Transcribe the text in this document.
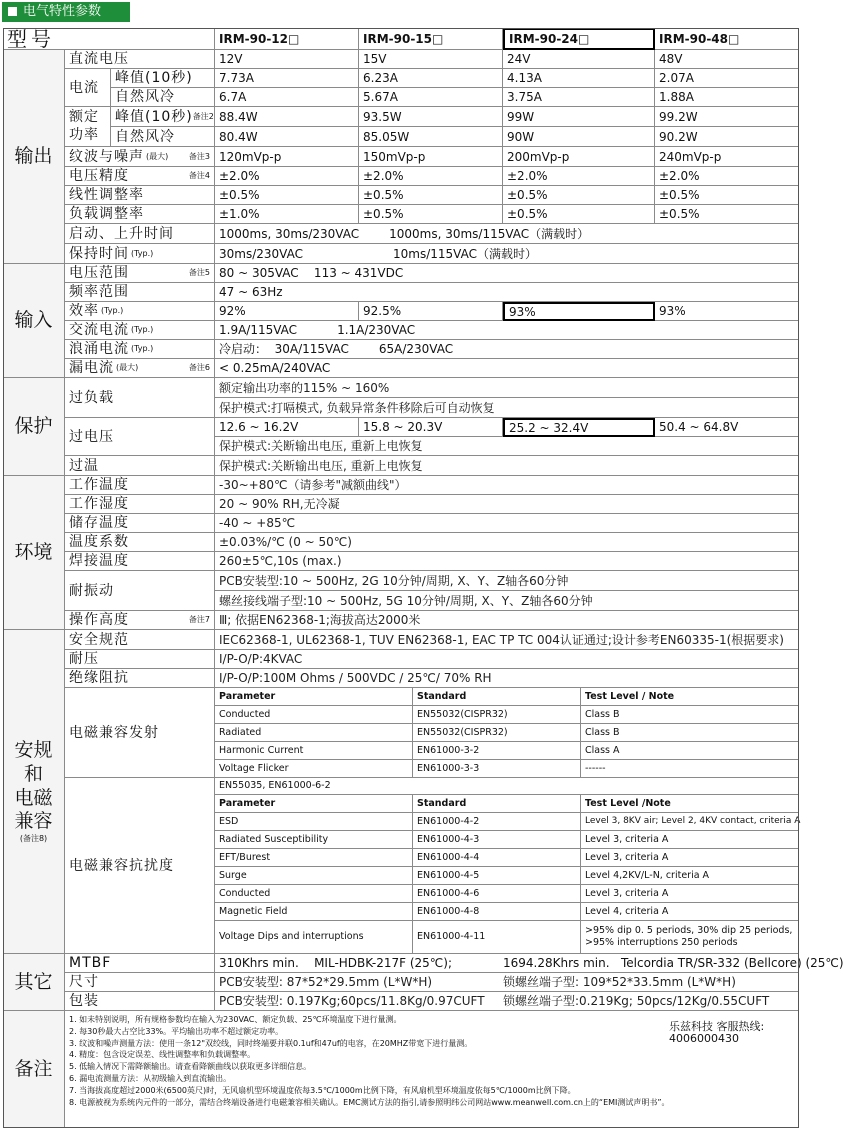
电气特性参数
型号	IRM-90-12□	IRM-90-15□	IRM-90-24□	IRM-90-48□
输出
直流电压	12V	15V	24V	48V
电流
峰值(10秒)	7.73A	6.23A	4.13A	2.07A
自然风冷	6.7A	5.67A	3.75A	1.88A
额定
功率
峰值(10秒) 备注2 88.4W	93.5W	99W	99.2W
自然风冷	80.4W	85.05W	90W	90.2W
纹波与噪声 (最大)	备注3 120mVp-p	150mVp-p	200mVp-p	240mVp-p
电压精度	备注4 ±2.0%	±2.0%	±2.0%	±2.0%
线性调整率	±0.5%	±0.5%	±0.5%	±0.5%
负载调整率	±1.0%	±0.5%	±0.5%	±0.5%
启动、上升时间	1000ms, 30ms/230VAC	1000ms, 30ms/115VAC（满载时）
保持时间 (Typ.)	30ms/230VAC	10ms/115VAC（满载时）
输入
电压范围	备注5 80 ~ 305VAC    113 ~ 431VDC
频率范围	47 ~ 63Hz
效率 (Typ.)	92%	92.5%	93%	93%
交流电流 (Typ.)	1.9A/115VAC	1.1A/230VAC
浪涌电流 (Typ.)	冷启动：  30A/115VAC	65A/230VAC
漏电流 (最大)	备注6 < 0.25mA/240VAC
保护
过负载
额定输出功率的115% ~ 160%
保护模式:打嗝模式, 负载异常条件移除后可自动恢复
过电压
12.6 ~ 16.2V	15.8 ~ 20.3V	25.2 ~ 32.4V	50.4 ~ 64.8V
保护模式:关断输出电压, 重新上电恢复
过温	保护模式:关断输出电压, 重新上电恢复
环境
工作温度	-30~+80℃（请参考"减额曲线"）
工作湿度	20 ~ 90% RH,无冷凝
储存温度	-40 ~ +85℃
温度系数	±0.03%/℃ (0 ~ 50℃)
焊接温度	260±5℃,10s (max.)
耐振动
PCB安装型:10 ~ 500Hz, 2G 10分钟/周期, X、Y、Z轴各60分钟
螺丝接线端子型:10 ~ 500Hz, 5G 10分钟/周期, X、Y、Z轴各60分钟
操作高度	备注7 Ⅲ; 依据EN62368-1;海拔高达2000米
安规和
电磁
兼容
(备注8)
安全规范	IEC62368-1, UL62368-1, TUV EN62368-1, EAC TP TC 004认证通过;设计参考EN60335-1(根据要求)
耐压	I/P-O/P:4KVAC
绝缘阻抗	I/P-O/P:100M Ohms / 500VDC / 25℃/ 70% RH
电磁兼容发射
Parameter	Standard	Test Level / Note
Conducted	EN55032(CISPR32)	Class B
Radiated	EN55032(CISPR32)	Class B
Harmonic Current	EN61000-3-2	Class A
Voltage Flicker	EN61000-3-3	------
电磁兼容抗扰度
EN55035, EN61000-6-2
Parameter	Standard	Test Level /Note
ESD	EN61000-4-2	Level 3, 8KV air; Level 2, 4KV contact, criteria A
Radiated Susceptibility	EN61000-4-3	Level 3, criteria A
EFT/Burest	EN61000-4-4	Level 3, criteria A
Surge	EN61000-4-5	Level 4,2KV/L-N, criteria A
Conducted	EN61000-4-6	Level 3, criteria A
Magnetic Field	EN61000-4-8	Level 4, criteria A
Voltage Dips and interruptions	EN61000-4-11
>95% dip 0. 5 periods, 30% dip 25 periods,
>95% interruptions 250 periods
其它
MTBF	310Khrs min.    MIL-HDBK-217F (25℃);	1694.28Khrs min.   Telcordia TR/SR-332 (Bellcore) (25℃)
尺寸	PCB安装型: 87*52*29.5mm (L*W*H)	锁螺丝端子型: 109*52*33.5mm (L*W*H)
包装	PCB安装型: 0.197Kg;60pcs/11.8Kg/0.97CUFT 锁螺丝端子型:0.219Kg; 50pcs/12Kg/0.55CUFT
备注
1. 如未特别说明，所有规格参数均在输入为230VAC、额定负载、25℃环境温度下进行量测。
2. 每30秒最大占空比33%。平均输出功率不超过额定功率。
3. 纹波和噪声测量方法：使用一条12"双绞线，同时终端要并联0.1uf和47uf的电容，在20MHZ带宽下进行量测。
4. 精度：包含设定误差、线性调整率和负载调整率。
5. 低输入情况下需降额输出。请查看降额曲线以获取更多详细信息。
6. 漏电流测量方法：从初级输入到直流输出。
7. 当海拔高度超过2000米(6500英尺)时，无风扇机型环境温度依每3.5℃/1000m比例下降，有风扇机型环境温度依每5℃/1000m比例下降。
8. 电源被视为系统内元件的一部分，需结合终端设备进行电磁兼容相关确认。EMC测试方法的指引,请参照明纬公司网站www.meanwell.com.cn上的“EMI测试声明书”。
乐兹科技 客服热线: 4006000430
